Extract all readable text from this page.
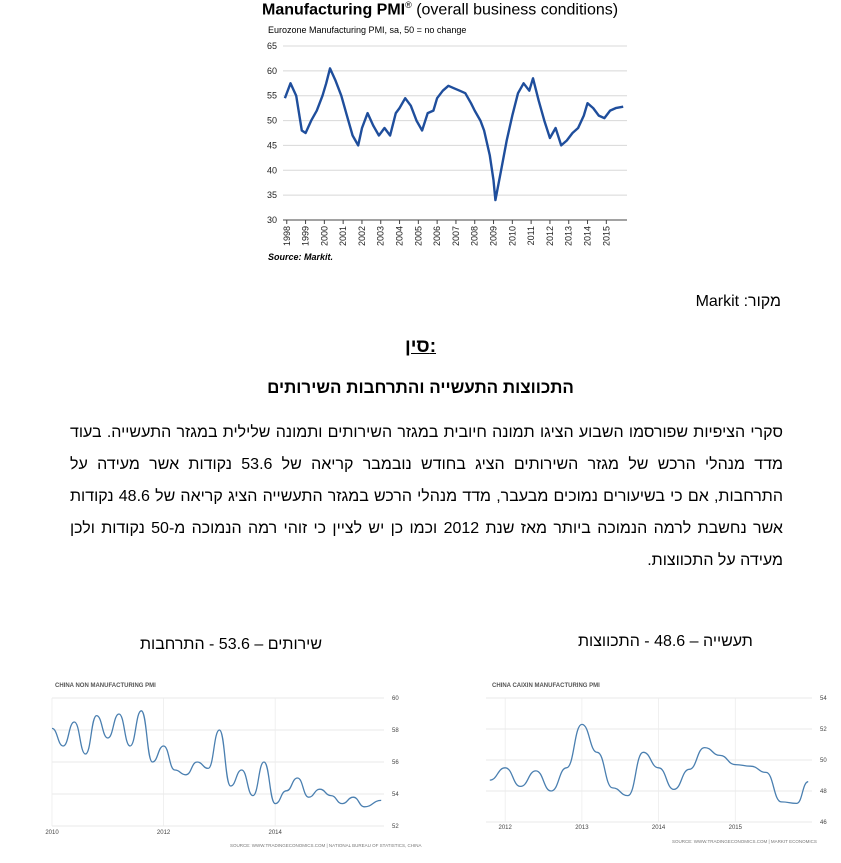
Manufacturing PMI® (overall business conditions)
Eurozone Manufacturing PMI, sa, 50 = no change
30
35
40
45
50
55
60
65
1998 1999 2000 2001 2002 2003 2004 2005 2006 2007 2008 2009 2010 2011 2012 2013 2014 2015
Source: Markit.
מקור: Markit
סין:
התכווצות התעשייה והתרחבות השירותים
סקרי הציפיות שפורסמו השבוע הציגו תמונה חיובית במגזר השירותים ותמונה שלילית במגזר התעשייה. בעוד מדד מנהלי הרכש של מגזר השירותים הציג בחודש נובמבר קריאה של 53.6 נקודות אשר מעידה על התרחבות, אם כי בשיעורים נמוכים מבעבר, מדד מנהלי הרכש במגזר התעשייה הציג קריאה של 48.6 נקודות אשר נחשבת לרמה הנמוכה ביותר מאז שנת 2012 וכמו כן יש לציין כי זוהי רמה הנמוכה מ-50 נקודות ולכן מעידה על התכווצות.
שירותים – 53.6 - התרחבות	תעשייה – 48.6 - התכווצות
CHINA NON MANUFACTURING PMI
52
54
56
58
60
2010	2012	2014
SOURCE: WWW.TRADINGECONOMICS.COM | NATIONAL BUREAU OF STATISTICS, CHINA
CHINA CAIXIN MANUFACTURING PMI
46
48
50
52
54
2012	2013	2014	2015
SOURCE: WWW.TRADINGECONOMICS.COM | MARKIT ECONOMICS
